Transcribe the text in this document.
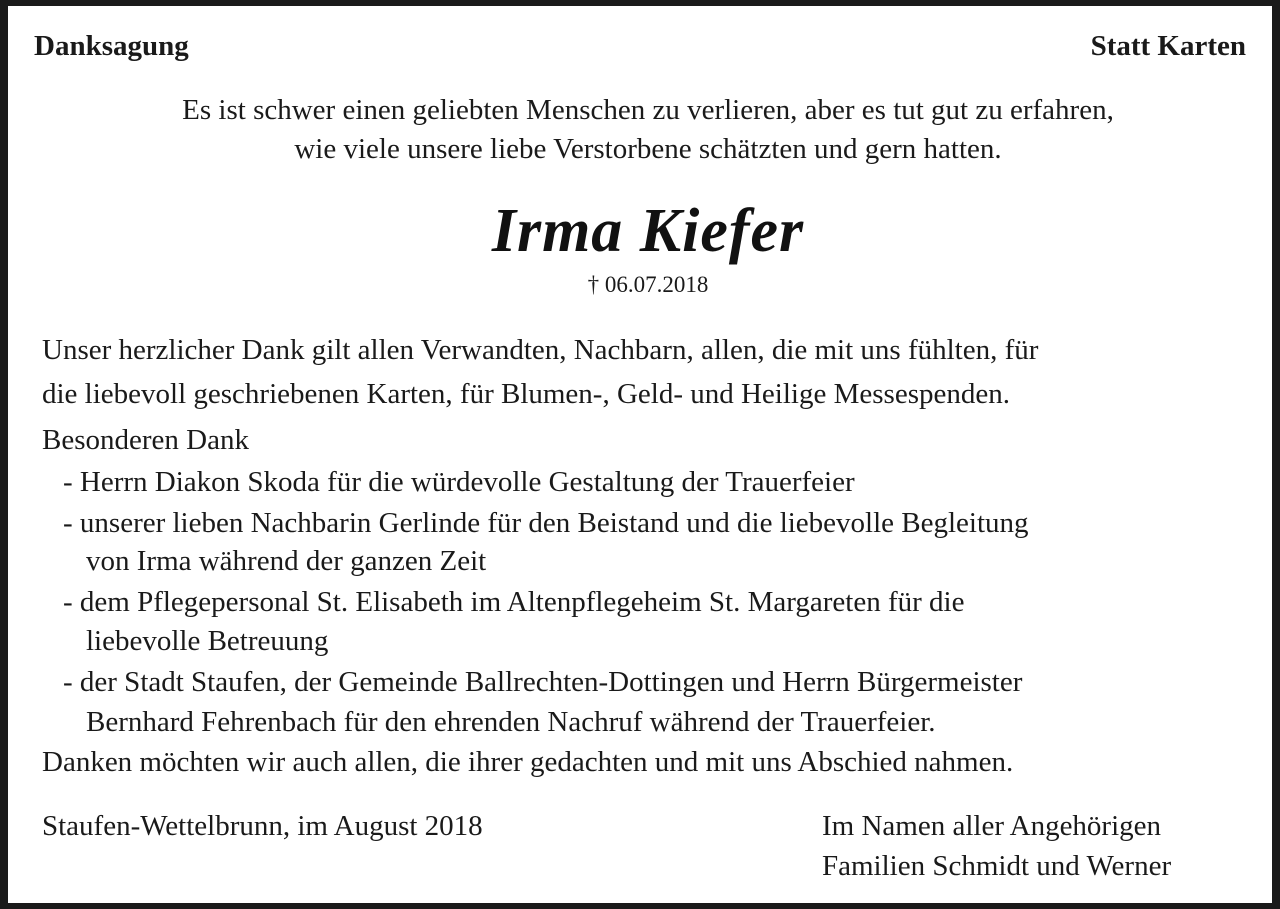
Danksagung	Statt Karten
Es ist schwer einen geliebten Menschen zu verlieren, aber es tut gut zu erfahren,
wie viele unsere liebe Verstorbene schätzten und gern hatten.
Irma Kiefer
† 06.07.2018
Unser herzlicher Dank gilt allen Verwandten, Nachbarn, allen, die mit uns fühlten, für
die liebevoll geschriebenen Karten, für Blumen-, Geld- und Heilige Messespenden.
Besonderen Dank
- Herrn Diakon Skoda für die würdevolle Gestaltung der Trauerfeier
- unserer lieben Nachbarin Gerlinde für den Beistand und die liebevolle Begleitung
von Irma während der ganzen Zeit
- dem Pflegepersonal St. Elisabeth im Altenpflegeheim St. Margareten für die
liebevolle Betreuung
- der Stadt Staufen, der Gemeinde Ballrechten-Dottingen und Herrn Bürgermeister
Bernhard Fehrenbach für den ehrenden Nachruf während der Trauerfeier.
Danken möchten wir auch allen, die ihrer gedachten und mit uns Abschied nahmen.
Staufen-Wettelbrunn, im August 2018	Im Namen aller Angehörigen
Familien Schmidt und Werner
